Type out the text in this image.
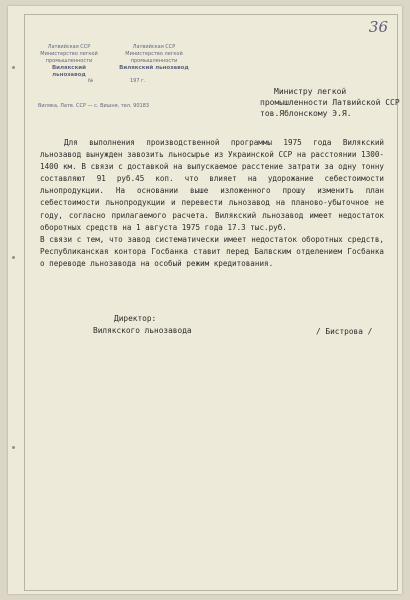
36
Латвийская ССР
Министерство легкой
промышленности
Вилякский льнозавод
Латвийская ССР
Министерство легкой
промышленности
Вилякский льнозавод
№	197 г.
Виляка, Латв. ССР — с. Вишня, тел. 90183
Министру легкой
промышленности Латвийской ССР
тов.Яблонскому Э.Я.

Для выполнения производственной программы 1975 года Вилякский льнозавод вынужден завозить льносырье из Украинской ССР на расстоянии 1300-1400 км. В связи с доставкой на выпускаемое расстение затрати за одну тонну составляют 91 руб.45 коп. что влияет на удорожание себестоимости льнопродукции. На основании выше изложенного прошу изменить план себестоимости льнопродукции и перевести льнозавод на планово-убыточное не году, согласно прилагаемого расчета. Вилякский льнозавод имеет недостаток оборотных средств на 1 августа 1975 года 17.3 тыс.руб.

В связи с тем, что завод систематически имеет недостаток оборотных средств, Республиканская контора Госбанка ставит перед Балвским отделением Госбанка о переводе льнозавода на особый режим кредитования.

Директор:
Вилякского льнозавода	/ Бистрова /
